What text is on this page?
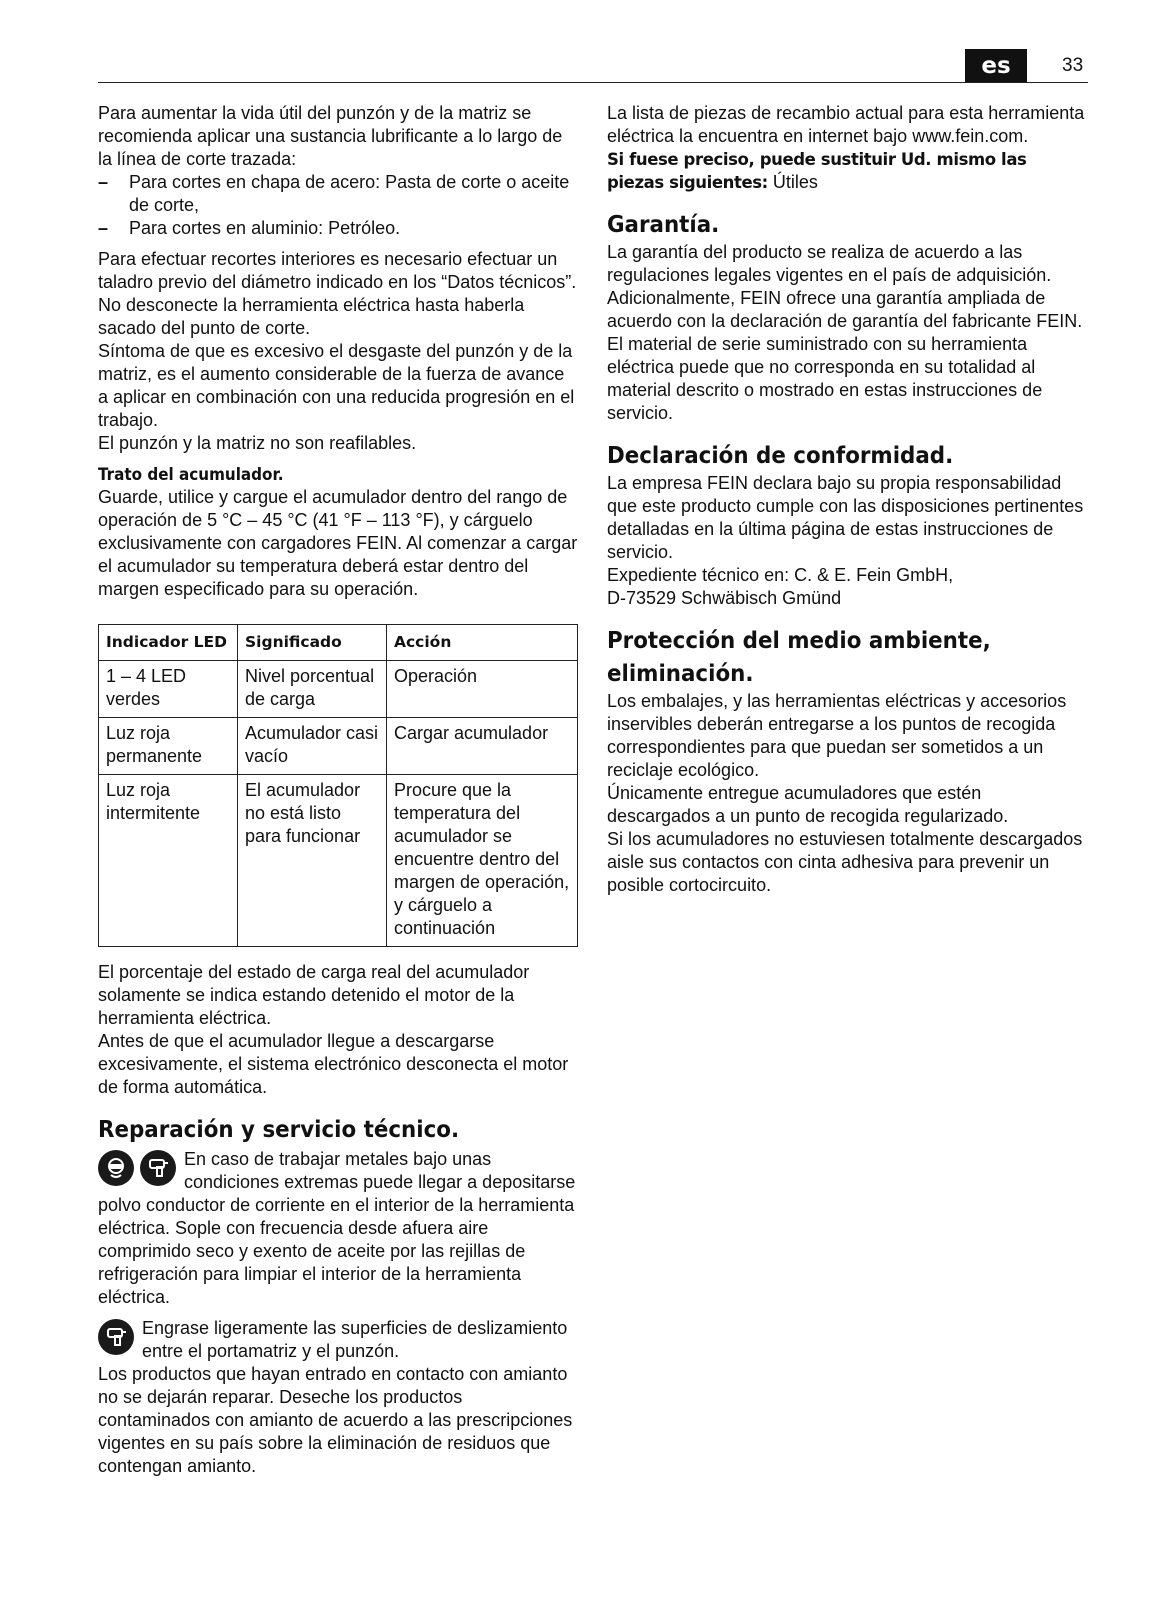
es	33

Para aumentar la vida útil del punzón y de la matriz se recomienda aplicar una sustancia lubrificante a lo largo de la línea de corte trazada:

– Para cortes en chapa de acero: Pasta de corte o aceite de corte,
– Para cortes en aluminio: Petróleo.

Para efectuar recortes interiores es necesario efectuar un taladro previo del diámetro indicado en los “Datos técnicos”.

No desconecte la herramienta eléctrica hasta haberla sacado del punto de corte.

Síntoma de que es excesivo el desgaste del punzón y de la matriz, es el aumento considerable de la fuerza de avance a aplicar en combinación con una reducida progresión en el trabajo.

El punzón y la matriz no son reafilables.

Trato del acumulador.

Guarde, utilice y cargue el acumulador dentro del rango de operación de 5 °C – 45 °C (41 °F – 113 °F), y cárguelo exclusivamente con cargadores FEIN. Al comenzar a cargar el acumulador su temperatura deberá estar dentro del margen especificado para su operación.

Indicador LED	Significado	Acción
1 – 4 LED verdes	Nivel porcentual de carga	Operación
Luz roja permanente	Acumulador casi vacío	Cargar acumulador
Luz roja intermitente	El acumulador no está listo para funcionar	Procure que la temperatura del acumulador se encuentre dentro del margen de operación, y cárguelo a continuación

El porcentaje del estado de carga real del acumulador solamente se indica estando detenido el motor de la herramienta eléctrica.

Antes de que el acumulador llegue a descargarse excesivamente, el sistema electrónico desconecta el motor de forma automática.

Reparación y servicio técnico.

En caso de trabajar metales bajo unas condiciones extremas puede llegar a depositarse polvo conductor de corriente en el interior de la herramienta eléctrica. Sople con frecuencia desde afuera aire comprimido seco y exento de aceite por las rejillas de refrigeración para limpiar el interior de la herramienta eléctrica.

Engrase ligeramente las superficies de deslizamiento entre el portamatriz y el punzón.

Los productos que hayan entrado en contacto con amianto no se dejarán reparar. Deseche los productos contaminados con amianto de acuerdo a las prescripciones vigentes en su país sobre la eliminación de residuos que contengan amianto.

La lista de piezas de recambio actual para esta herramienta eléctrica la encuentra en internet bajo www.fein.com.

Si fuese preciso, puede sustituir Ud. mismo las piezas siguientes: Útiles

Garantía.

La garantía del producto se realiza de acuerdo a las regulaciones legales vigentes en el país de adquisición. Adicionalmente, FEIN ofrece una garantía ampliada de acuerdo con la declaración de garantía del fabricante FEIN.

El material de serie suministrado con su herramienta eléctrica puede que no corresponda en su totalidad al material descrito o mostrado en estas instrucciones de servicio.

Declaración de conformidad.

La empresa FEIN declara bajo su propia responsabilidad que este producto cumple con las disposiciones pertinentes detalladas en la última página de estas instrucciones de servicio.

Expediente técnico en: C. & E. Fein GmbH,

D-73529 Schwäbisch Gmünd

Protección del medio ambiente, eliminación.

Los embalajes, y las herramientas eléctricas y accesorios inservibles deberán entregarse a los puntos de recogida correspondientes para que puedan ser sometidos a un reciclaje ecológico.

Únicamente entregue acumuladores que estén descargados a un punto de recogida regularizado.

Si los acumuladores no estuviesen totalmente descargados aisle sus contactos con cinta adhesiva para prevenir un posible cortocircuito.
